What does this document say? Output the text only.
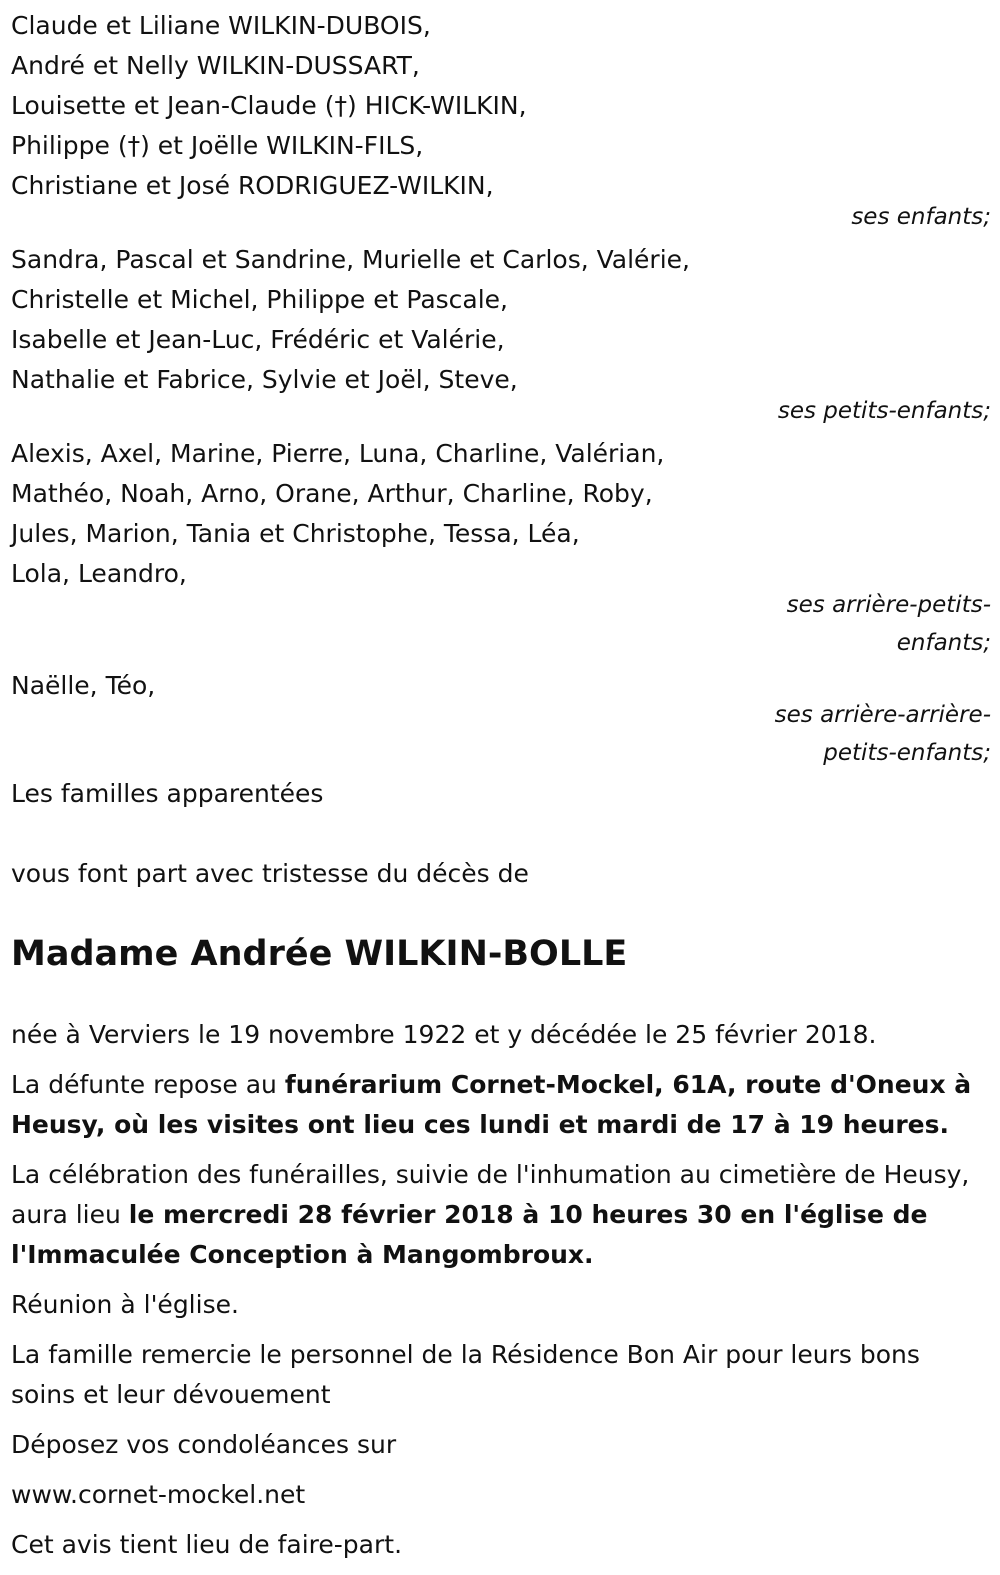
Claude et Liliane WILKIN-DUBOIS,
André et Nelly WILKIN-DUSSART,
Louisette et Jean-Claude (†) HICK-WILKIN,
Philippe (†) et Joëlle WILKIN-FILS,
Christiane et José RODRIGUEZ-WILKIN,
ses enfants;
Sandra, Pascal et Sandrine, Murielle et Carlos, Valérie,
Christelle et Michel, Philippe et Pascale,
Isabelle et Jean-Luc, Frédéric et Valérie,
Nathalie et Fabrice, Sylvie et Joël, Steve,
ses petits-enfants;
Alexis, Axel, Marine, Pierre, Luna, Charline, Valérian,
Mathéo, Noah, Arno, Orane, Arthur, Charline, Roby,
Jules, Marion, Tania et Christophe, Tessa, Léa,
Lola, Leandro,
ses arrière-petits-
enfants;
Naëlle, Téo,
ses arrière-arrière-
petits-enfants;
Les familles apparentées
vous font part avec tristesse du décès de
Madame Andrée WILKIN-BOLLE
née à Verviers le 19 novembre 1922 et y décédée le 25 février 2018.
La défunte repose au funérarium Cornet-Mockel, 61A, route d'Oneux à Heusy, où les visites ont lieu ces lundi et mardi de 17 à 19 heures.
La célébration des funérailles, suivie de l'inhumation au cimetière de Heusy, aura lieu le mercredi 28 février 2018 à 10 heures 30 en l'église de l'Immaculée Conception à Mangombroux.
Réunion à l'église.
La famille remercie le personnel de la Résidence Bon Air pour leurs bons soins et leur dévouement
Déposez vos condoléances sur
www.cornet-mockel.net
Cet avis tient lieu de faire-part.
